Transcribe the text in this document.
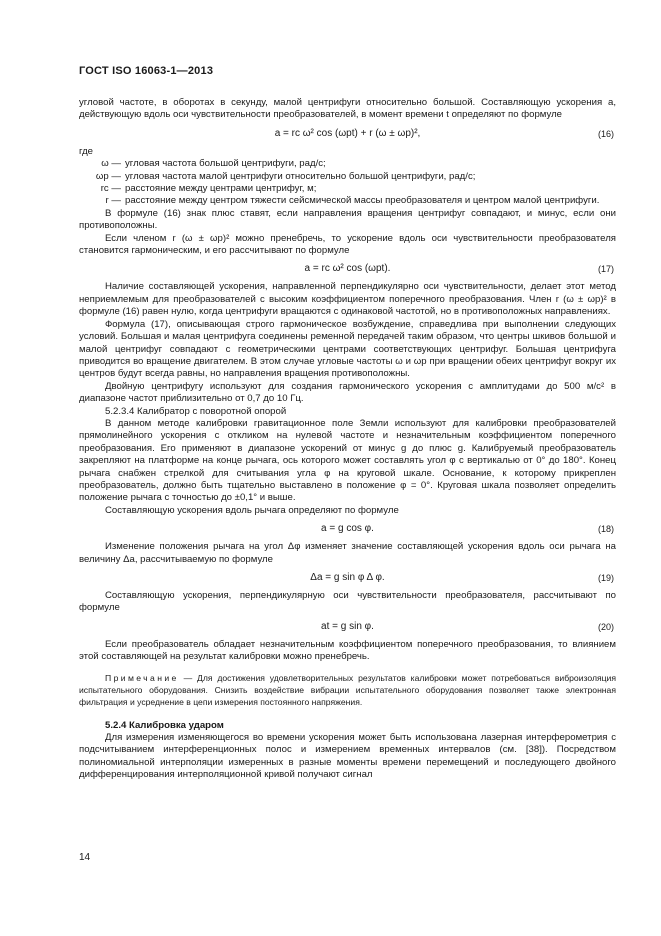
ГОСТ ISO 16063-1—2013

угловой частоте, в оборотах в секунду, малой центрифуги относительно большой. Составляющую ускорения a, действующую вдоль оси чувствительности преобразователей, в момент времени t определяют по формуле

a = rc ω² cos (ωpt) + r (ω ± ωp)²,	(16)
где
ω — угловая частота большой центрифуги, рад/с;
ωp — угловая частота малой центрифуги относительно большой центрифуги, рад/с;
rc — расстояние между центрами центрифуг, м;
r — расстояние между центром тяжести сейсмической массы преобразователя и центром малой центрифуги.

В формуле (16) знак плюс ставят, если направления вращения центрифуг совпадают, и минус, если они противоположны.

Если членом r (ω ± ωp)² можно пренебречь, то ускорение вдоль оси чувствительности преобразователя становится гармоническим, и его рассчитывают по формуле

a = rc ω² cos (ωpt).	(17)

Наличие составляющей ускорения, направленной перпендикулярно оси чувствительности, делает этот метод неприемлемым для преобразователей с высоким коэффициентом поперечного преобразования. Член r (ω ± ωp)² в формуле (16) равен нулю, когда центрифуги вращаются с одинаковой частотой, но в противоположных направлениях.

Формула (17), описывающая строго гармоническое возбуждение, справедлива при выполнении следующих условий. Большая и малая центрифуга соединены ременной передачей таким образом, что центры шкивов большой и малой центрифуг совпадают с геометрическими центрами соответствующих центрифуг. Большая центрифуга приводится во вращение двигателем. В этом случае угловые частоты ω и ωp при вращении обеих центрифуг вокруг их центров будут всегда равны, но направления вращения противоположны.

Двойную центрифугу используют для создания гармонического ускорения с амплитудами до 500 м/с² в диапазоне частот приблизительно от 0,7 до 10 Гц.

5.2.3.4 Калибратор с поворотной опорой

В данном методе калибровки гравитационное поле Земли используют для калибровки преобразователей прямолинейного ускорения с откликом на нулевой частоте и незначительным коэффициентом поперечного преобразования. Его применяют в диапазоне ускорений от минус g до плюс g. Калибруемый преобразователь закрепляют на платформе на конце рычага, ось которого может составлять угол φ с вертикалью от 0° до 180°. Конец рычага снабжен стрелкой для считывания угла φ на круговой шкале. Основание, к которому прикреплен преобразователь, должно быть тщательно выставлено в положение φ = 0°. Круговая шкала позволяет определить положение рычага с точностью до ±0,1° и выше.

Составляющую ускорения вдоль рычага определяют по формуле

a = g cos φ.	(18)

Изменение положения рычага на угол Δφ изменяет значение составляющей ускорения вдоль оси рычага на величину Δa, рассчитываемую по формуле

Δa = g sin φ Δ φ.	(19)

Составляющую ускорения, перпендикулярную оси чувствительности преобразователя, рассчитывают по формуле

at = g sin φ.	(20)

Если преобразователь обладает незначительным коэффициентом поперечного преобразования, то влиянием этой составляющей на результат калибровки можно пренебречь.

Примечание — Для достижения удовлетворительных результатов калибровки может потребоваться виброизоляция испытательного оборудования. Снизить воздействие вибрации испытательного оборудования позволяет также электронная фильтрация и усреднение в цепи измерения постоянного напряжения.

5.2.4 Калибровка ударом

Для измерения изменяющегося во времени ускорения может быть использована лазерная интерферометрия с подсчитыванием интерференционных полос и измерением временных интервалов (см. [38]). Посредством полиномиальной интерполяции измеренных в разные моменты времени перемещений и последующего двойного дифференцирования интерполяционной кривой получают сигнал

14
